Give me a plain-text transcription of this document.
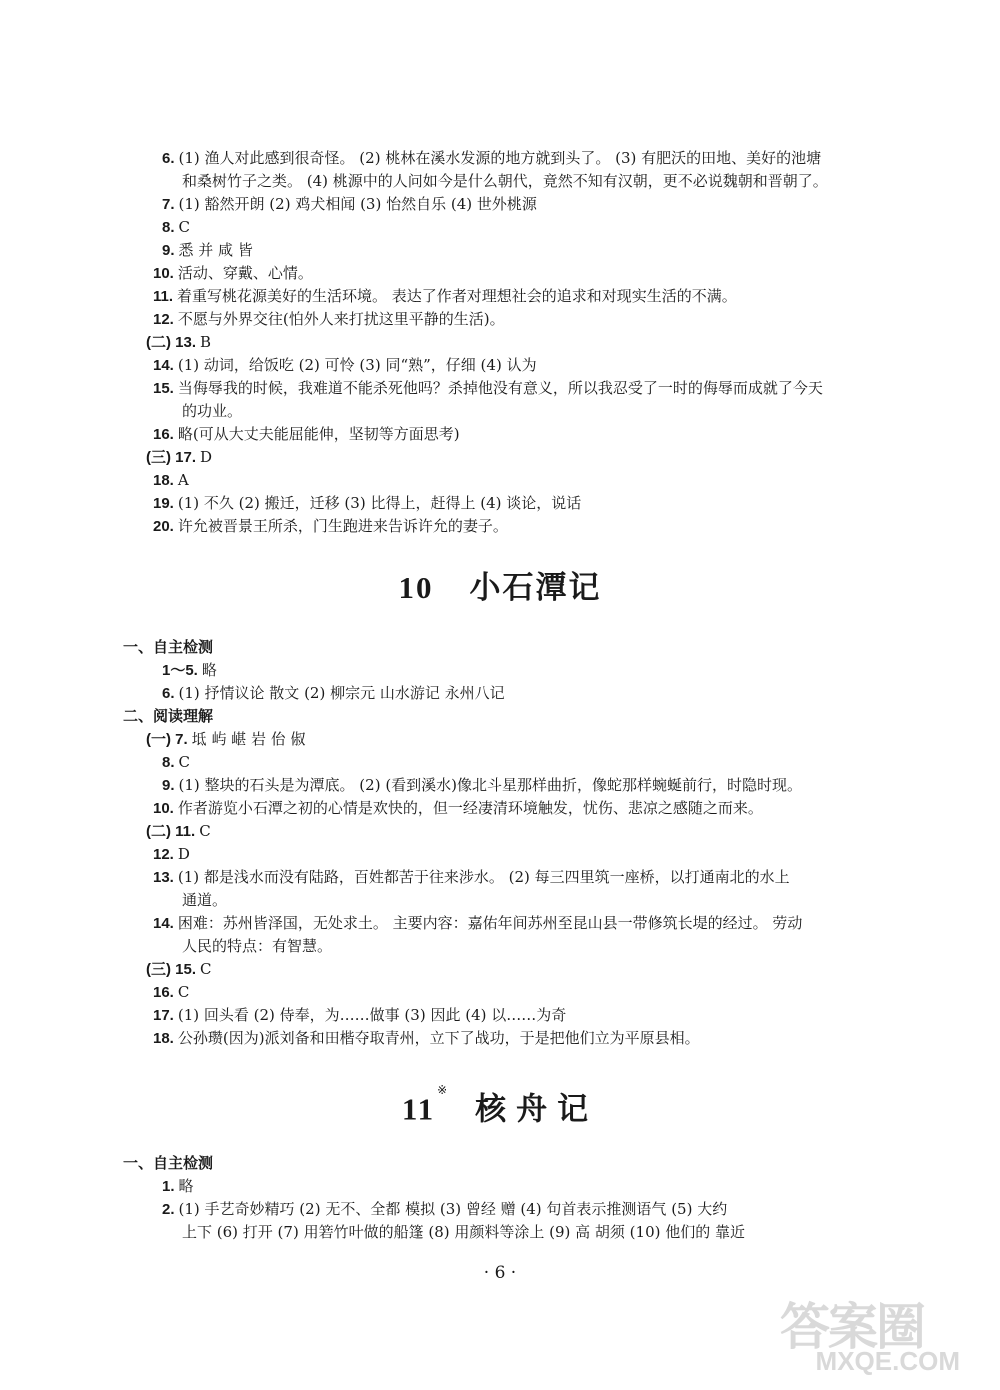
6. (1) 渔人对此感到很奇怪。 (2) 桃林在溪水发源的地方就到头了。 (3) 有肥沃的田地、美好的池塘
和桑树竹子之类。 (4) 桃源中的人问如今是什么朝代，竟然不知有汉朝，更不必说魏朝和晋朝了。
7. (1) 豁然开朗 (2) 鸡犬相闻 (3) 怡然自乐 (4) 世外桃源
8. C
9. 悉 并 咸 皆
10. 活动、穿戴、心情。
11. 着重写桃花源美好的生活环境。 表达了作者对理想社会的追求和对现实生活的不满。
12. 不愿与外界交往(怕外人来打扰这里平静的生活)。
(二) 13. B
14. (1) 动词，给饭吃 (2) 可怜 (3) 同“熟”，仔细 (4) 认为
15. 当侮辱我的时候，我难道不能杀死他吗？杀掉他没有意义，所以我忍受了一时的侮辱而成就了今天
的功业。
16. 略(可从大丈夫能屈能伸，坚韧等方面思考)
(三) 17. D
18. A
19. (1) 不久 (2) 搬迁，迁移 (3) 比得上，赶得上 (4) 谈论，说话
20. 许允被晋景王所杀，门生跑进来告诉许允的妻子。
10 小石潭记
一、自主检测
1～5. 略
6. (1) 抒情议论 散文 (2) 柳宗元 山水游记 永州八记
二、阅读理解
(一) 7. 坻 屿 嵁 岩 佁 俶
8. C
9. (1) 整块的石头是为潭底。 (2) (看到溪水)像北斗星那样曲折，像蛇那样蜿蜒前行，时隐时现。
10. 作者游览小石潭之初的心情是欢快的，但一经凄清环境触发，忧伤、悲凉之感随之而来。
(二) 11. C
12. D
13. (1) 都是浅水而没有陆路，百姓都苦于往来涉水。 (2) 每三四里筑一座桥，以打通南北的水上
通道。
14. 困难：苏州皆泽国，无处求土。 主要内容：嘉佑年间苏州至昆山县一带修筑长堤的经过。 劳动
人民的特点：有智慧。
(三) 15. C
16. C
17. (1) 回头看 (2) 侍奉，为……做事 (3) 因此 (4) 以……为奇
18. 公孙瓒(因为)派刘备和田楷夺取青州，立下了战功，于是把他们立为平原县相。
11※核舟记
一、自主检测
1. 略
2. (1) 手艺奇妙精巧 (2) 无不、全都 模拟 (3) 曾经 赠 (4) 句首表示推测语气 (5) 大约
上下 (6) 打开 (7) 用箬竹叶做的船篷 (8) 用颜料等涂上 (9) 高 胡须 (10) 他们的 靠近
· 6 ·
答案圈
MXQE.COM
